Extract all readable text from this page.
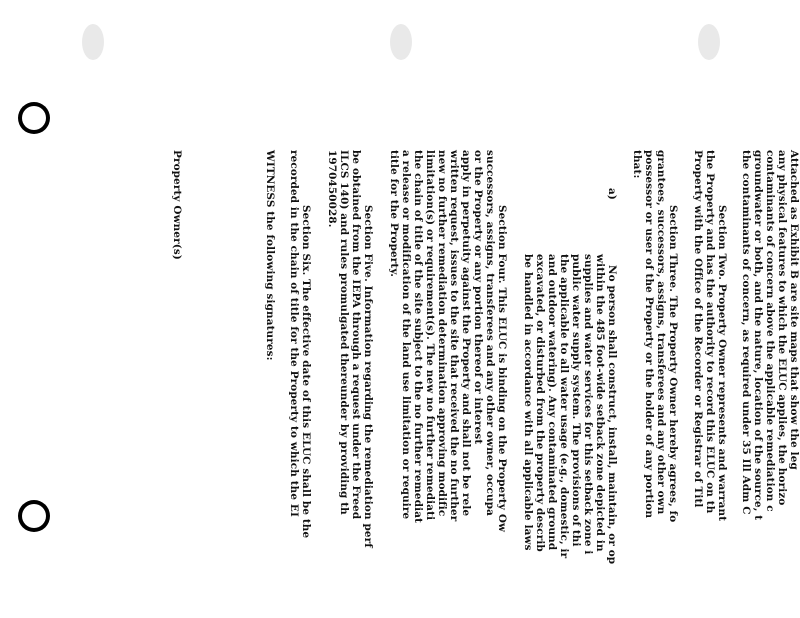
Attached as Exhibit B are site maps that show the leg
any physical features to which the ELUC applies, the horizo
contaminants of concern above the applicable remediation c
groundwater or both, and the nature, location of the source, t
the contaminants of concern, as required under 35 Ill Adm C
Section Two. Property Owner represents and warrant
the Property and has the authority to record this ELUC on th
Property with the Office of the Recorder or Registrar of Titl
Section Three. The Property Owner hereby agrees, fo
grantees, successors, assigns, transferees and any other own
possessor or user of the Property or the holder of any portion
that:
a)
No person shall construct, install, maintain, or op
within the 485 foot-wide setback zone depicted in
supplies and water services for this setback zone i
public water supply system. The provisions of thi
the applicable to all water usage (e.g., domestic, ir
and outdoor watering). Any contaminated ground
excavated, or disturbed from the property describ
be handled in accordance with all applicable laws
Section Four. This ELUC is binding on the Property Ow
successors, assigns, transferees and any other owner, occupa
or the Property or any portion thereof or interest
apply in perpetuity against the Property and shall not be rele
written request, issues to the site that received the no further
new no further remediation determination approving modific
limitation(s) or requirement(s). The new no further remediati
the chain of title of the site subject to the no further remediat
a release or modification of the land use limitation or require
title for the Property.
Section Five. Information regarding the remediation perf
be obtained from the IEPA through a request under the Freed
ILCS 140) and rules promulgated thereunder by providing th
1970450028.
Section Six. The effective date of this ELUC shall be the
recorded in the chain of title for the Property to which the EI
WITNESS the following signatures:
Property Owner(s)
